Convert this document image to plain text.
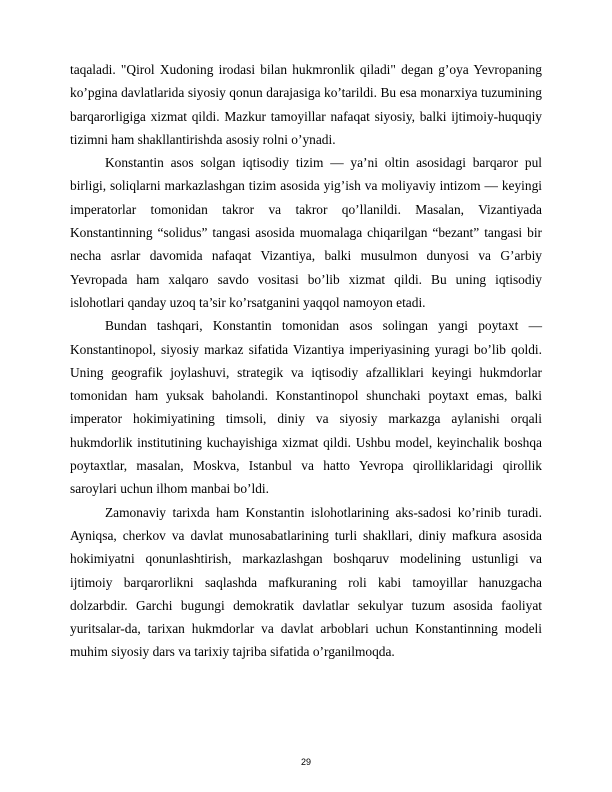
taqaladi. "Qirol Xudoning irodasi bilan hukmronlik qiladi" degan g’oya Yevropaning ko’pgina davlatlarida siyosiy qonun darajasiga ko’tarildi. Bu esa monarxiya tuzumining barqarorligiga xizmat qildi. Mazkur tamoyillar nafaqat siyosiy, balki ijtimoiy-huquqiy tizimni ham shakllantirishda asosiy rolni o’ynadi.

Konstantin asos solgan iqtisodiy tizim — ya’ni oltin asosidagi barqaror pul birligi, soliqlarni markazlashgan tizim asosida yig’ish va moliyaviy intizom — keyingi imperatorlar tomonidan takror va takror qo’llanildi. Masalan, Vizantiyada Konstantinning “solidus” tangasi asosida muomalaga chiqarilgan “bezant” tangasi bir necha asrlar davomida nafaqat Vizantiya, balki musulmon dunyosi va G’arbiy Yevropada ham xalqaro savdo vositasi bo’lib xizmat qildi. Bu uning iqtisodiy islohotlari qanday uzoq ta’sir ko’rsatganini yaqqol namoyon etadi.

Bundan tashqari, Konstantin tomonidan asos solingan yangi poytaxt — Konstantinopol, siyosiy markaz sifatida Vizantiya imperiyasining yuragi bo’lib qoldi. Uning geografik joylashuvi, strategik va iqtisodiy afzalliklari keyingi hukmdorlar tomonidan ham yuksak baholandi. Konstantinopol shunchaki poytaxt emas, balki imperator hokimiyatining timsoli, diniy va siyosiy markazga aylanishi orqali hukmdorlik institutining kuchayishiga xizmat qildi. Ushbu model, keyinchalik boshqa poytaxtlar, masalan, Moskva, Istanbul va hatto Yevropa qirolliklaridagi qirollik saroylari uchun ilhom manbai bo’ldi.

Zamonaviy tarixda ham Konstantin islohotlarining aks-sadosi ko’rinib turadi. Ayniqsa, cherkov va davlat munosabatlarining turli shakllari, diniy mafkura asosida hokimiyatni qonunlashtirish, markazlashgan boshqaruv modelining ustunligi va ijtimoiy barqarorlikni saqlashda mafkuraning roli kabi tamoyillar hanuzgacha dolzarbdir. Garchi bugungi demokratik davlatlar sekulyar tuzum asosida faoliyat yuritsalar-da, tarixan hukmdorlar va davlat arboblari uchun Konstantinning modeli muhim siyosiy dars va tarixiy tajriba sifatida o’rganilmoqda.

29
